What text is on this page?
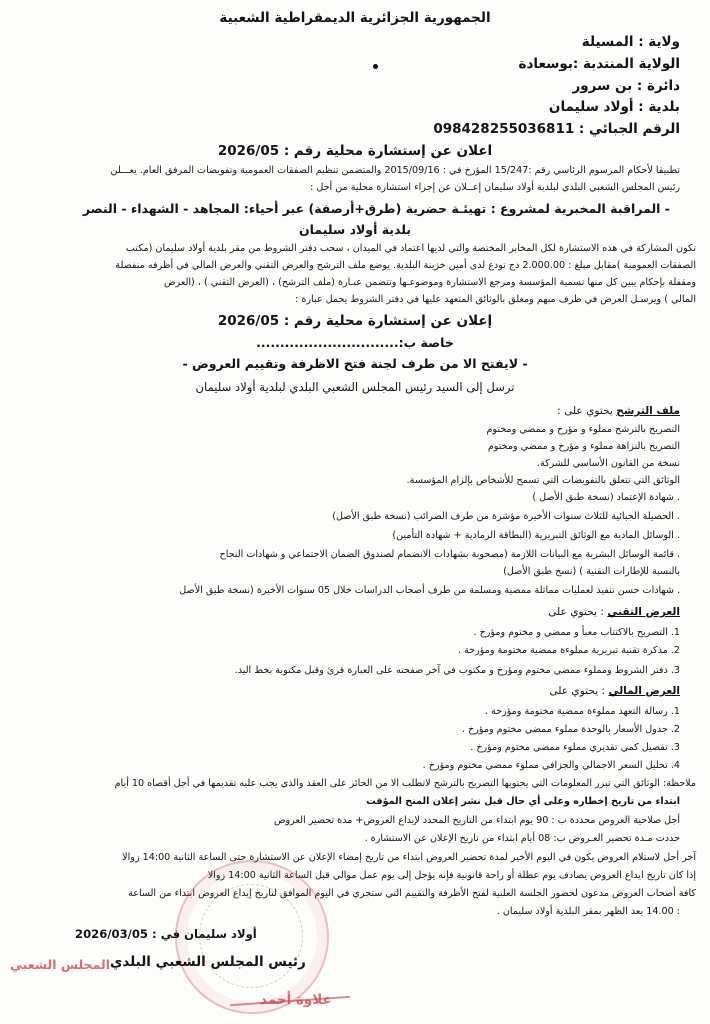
الجمهورية الجزائرية الديمقراطية الشعبية
ولاية : المسيلة
الولاية المنتدبة :بوسعادة
دائرة : بن سرور
بلدية : أولاد سليمان
الرقم الجبائي : 098428255036811
اعلان عن إستشارة محلية رقم : 2026/05
تطبيقا لأحكام المرسوم الرئاسي رقم :15/247 المؤرخ في : 2015/09/16 والمتضمن تنظيم الصفقات العمومية وتفويضات المرفق العام. يعـــلن
رئيس المجلس الشعبي البلدي لبلدية أولاد سليمان إعــلان عن إجراء استشارة محلية من أجل :
- المراقبة المخبرية لمشروع : تهيئـة حضرية (طرق+أرصفة) عبر أحياء: المجاهد - الشهداء - النصر
بلدية أولاد سليمان
تكون المشاركة في هذه الاستشارة لكل المخابر المختصة والتي لديها اعتماد في الميدان ، سحب دفتر الشروط من مقر بلدية أولاد سليمان (مكتب
الصفقات العمومية )مقابل مبلغ : 2.000.00 دج تودع لدى أمين خزينة البلدية. يوضع ملف الترشح والعرض التقني والعرض المالي في أظرفه منفصلة
ومقفلة بإحكام يبين كل منها تسمية المؤسسة ومرجع الاستشارة وموضوعـها وتتضمن عبـارة (ملف الترشح) ، (العرض التقني ) ، (العرض
المالي ) ويرسـل العرض في ظرف مبهم ومغلق بالوثائق المتعهد عليها في دفتر الشروط يحمل عبارة :
إعلان عن إستشارة محلية رقم : 2026/05
خاصة ب:..............................
- لايفتح الا من طرف لجنة فتح الاظرفة وتقييم العروض -
ترسل إلى السيد رئيس المجلس الشعبي البلدي لبلدية أولاد سليمان
ملف الترشح يحتوي على :
التصريح بالترشح مملوء و مؤرخ و ممضي ومختوم
التصريح بالنزاهة مملوء و مؤرخ و ممضي ومختوم
نسخة من القانون الأساسي للشركة.
الوثائق التي تتعلق بالتفويضات التي تسمح للأشخاص بإلزام المؤسسة.
. شهادة الإعتماد (نسخة طبق الأصل )
. الحصيلة الجبائية للثلاث سنوات الأخيرة مؤشرة من طرف الضرائب (نسخة طبق الأصل)
. الوسائل المادية مع الوثائق التبريرية (البطاقة الرمادية + شهادة التأمين)
. قائمة الوسائل البشرية مع البيانات اللازمة (مصحوبة بشهادات الانضمام لصندوق الضمان الاجتماعي و شهادات النجاح
بالنسبة للإطارات التقنية ) (نسخ طبق الأصل)
. شهادات حسن تنفيذ لعمليات مماثلة ممضية ومسلمة من طرف أصحاب الدراسات خلال 05 سنوات الأخيرة (نسخة طبق الأصل
العرض التقني : يحتوي على
1. التصريح بالاكتتاب معبأ و ممضي و مختوم ومؤرخ .
2. مذكرة تقنية تبريرية مملوءة ممضية مختومة ومؤرخة .
3. دفتر الشروط ومملوء ممضي مختوم ومؤرخ و مكتوب في آخر صفحته على العبارة قرئ وقبل مكتوبة بخط اليد.
العرض المالي : يحتوي على
1. رسالة التعهد مملوءة ممضية مختومة ومؤرخة .
2. جدول الأسعار بالوحدة مملوء ممضي مختوم ومؤرخ .
3. تفصيل كمي تقديري مملوء ممضي مختوم ومؤرخ .
4. تحليل السعر الاجمالي والجزافي مملوء ممضي مختوم ومؤرخ .
ملاحظة: الوثائق التي تبرر المعلومات التي يحتويها التصريح بالترشح لاتطلب الا من الحائز على العقد والذي يجب عليه تقديمها في أجل أقصاه 10 أيام
ابتداء من تاريخ إخطاره وعلى أي حال قبل نشر إعلان المنح المؤقت
أجل صلاحية العروض محددة ب : 90 يوم ابتداء من التاريخ المحدد لإيداع العروض+ مدة تحضير العروض
حددت مـدة تحضير العـروض ب: 08 أيام ابتداء من تاريخ الإعلان عن الاستشارة .
آخر أجل لاستلام العروض يكون في اليوم الأخير لمدة تحضير العروض ابتداء من تاريخ إمضاء الإعلان عن الاستشارة حتى الساعة الثانية 14:00 زوالا
إذا كان تاريخ ايداع العروض يصادف يوم عطلة أو راحة قانونية فإنه يؤجل إلى يوم عمل موالي قبل الساعة الثانية 14:00 زوالا
كافة أصحاب العروض مدعون لحضور الجلسة العلنية لفتح الأظرفة والتقييم التي ستجري في اليوم الموافق لتاريخ إيداع العروض ابتداء من الساعة
: 14.00 بعد الظهر بمقر البلدية أولاد سليمان .
أولاد سليمان في : 2026/03/05
المجلس الشعبي رئيس المجلس الشعبي البلدي
علاوة أحمد
